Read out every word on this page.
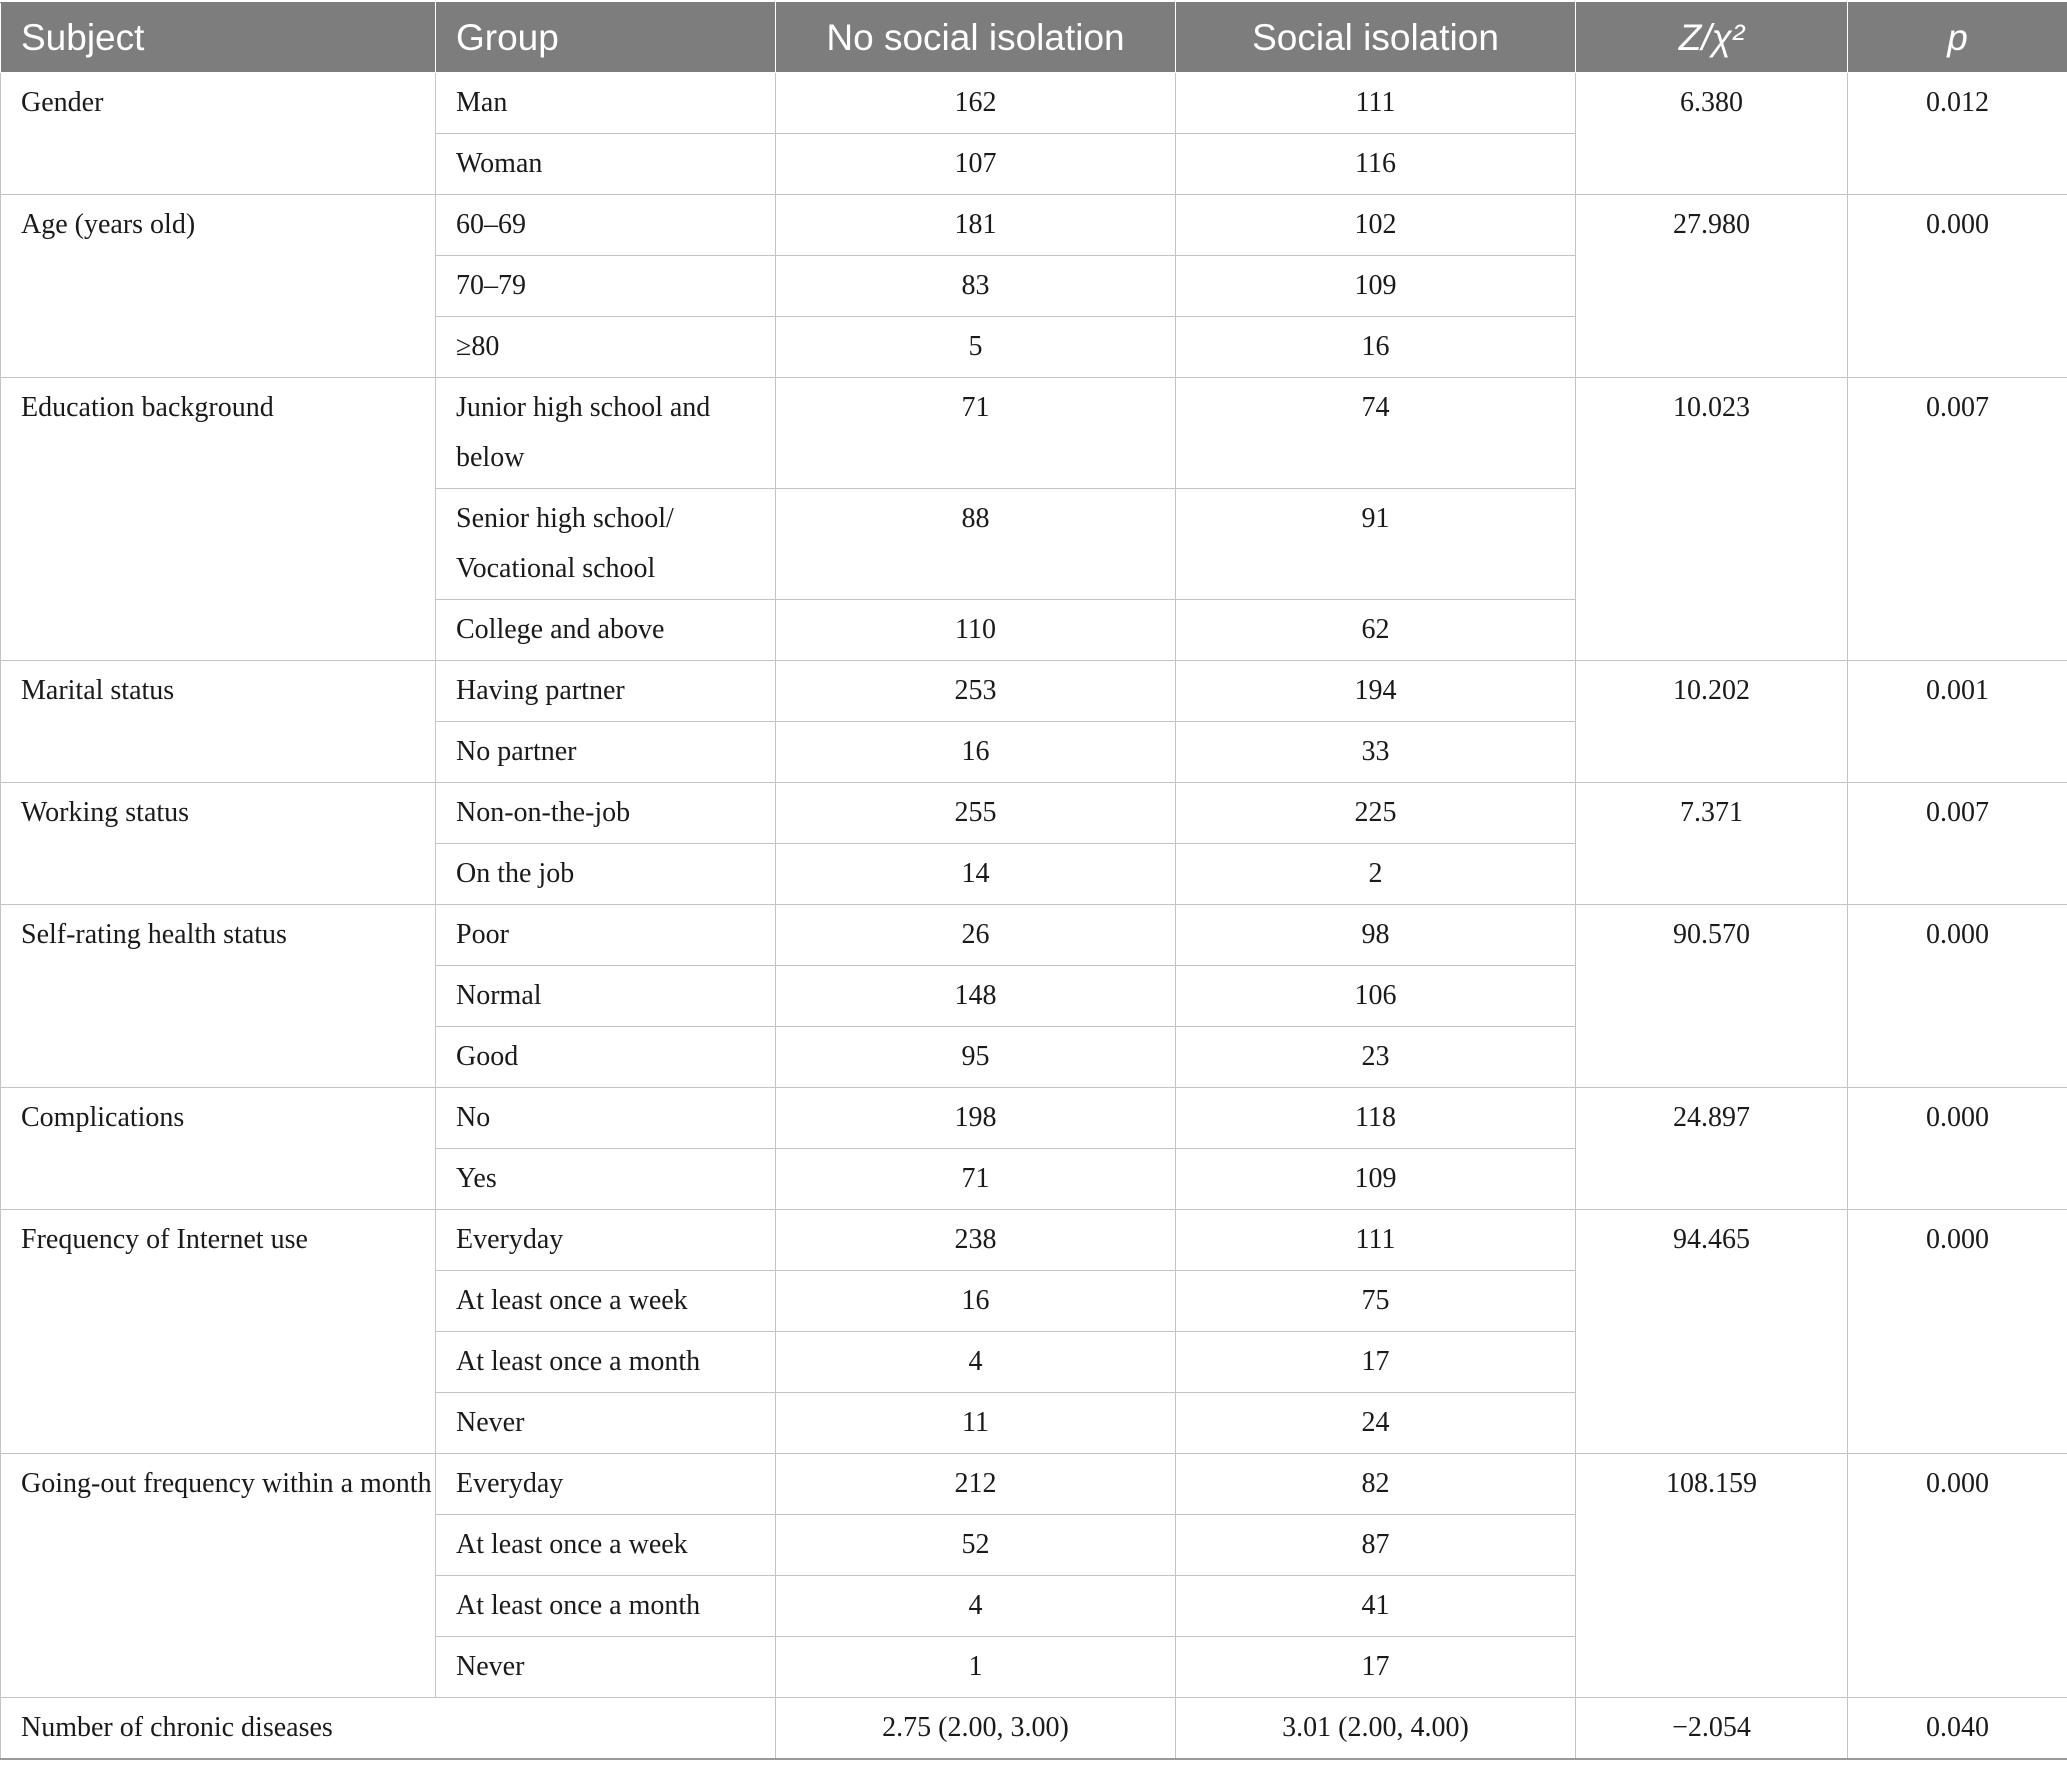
Subject	Group	No social isolation	Social isolation	Z/χ²	p
Gender	Man	162	111	6.380	0.012
	Woman	107	116		
Age (years old)	60–69	181	102	27.980	0.000
	70–79	83	109		
	≥80	5	16		
Education background	Junior high school and below	71	74	10.023	0.007
	Senior high school/ Vocational school	88	91		
	College and above	110	62		
Marital status	Having partner	253	194	10.202	0.001
	No partner	16	33		
Working status	Non-on-the-job	255	225	7.371	0.007
	On the job	14	2		
Self-rating health status	Poor	26	98	90.570	0.000
	Normal	148	106		
	Good	95	23		
Complications	No	198	118	24.897	0.000
	Yes	71	109		
Frequency of Internet use	Everyday	238	111	94.465	0.000
	At least once a week	16	75		
	At least once a month	4	17		
	Never	11	24		
Going-out frequency within a month	Everyday	212	82	108.159	0.000
	At least once a week	52	87		
	At least once a month	4	41		
	Never	1	17		
Number of chronic diseases		2.75 (2.00, 3.00)	3.01 (2.00, 4.00)	−2.054	0.040
